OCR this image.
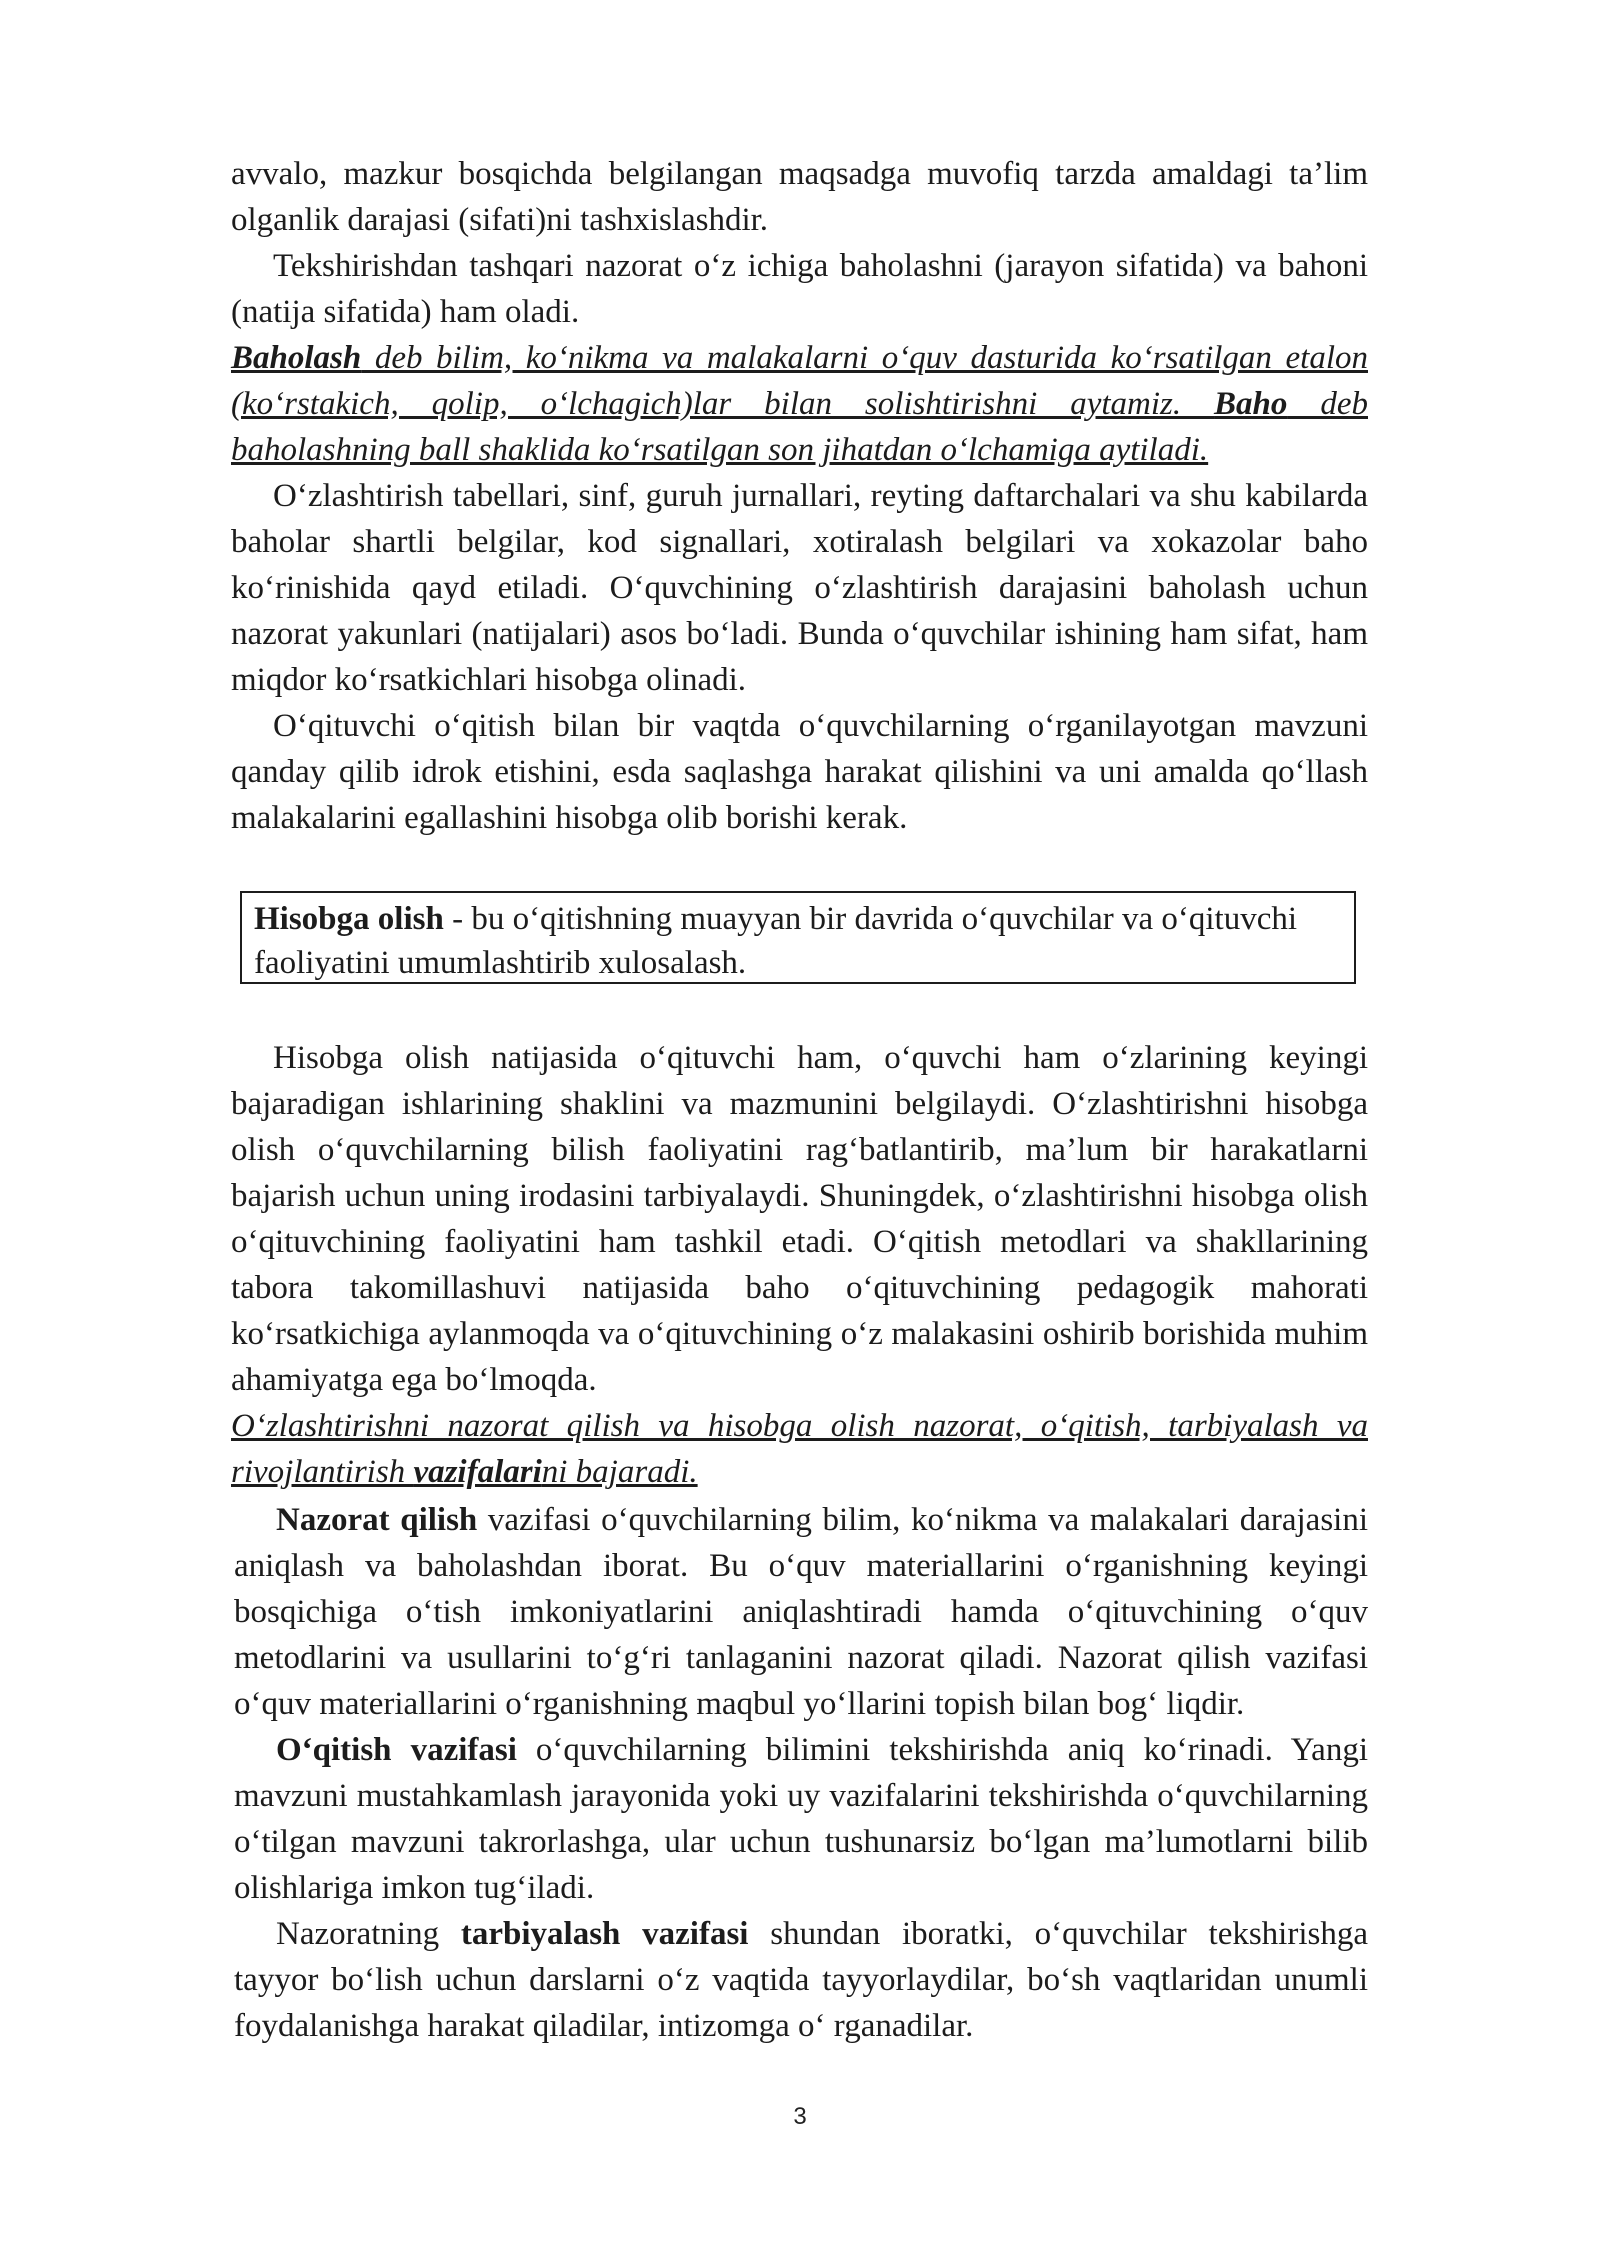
avvalo, mazkur bosqichda belgilangan maqsadga muvofiq tarzda amaldagi ta’lim olganlik darajasi (sifati)ni tashxislashdir.

Tekshirishdan tashqari nazorat o‘z ichiga baholashni (jarayon sifatida) va bahoni (natija sifatida) ham oladi.

Baholash deb bilim, ko‘nikma va malakalarni o‘quv dasturida ko‘rsatilgan etalon (ko‘rstakich, qolip, o‘lchagich)lar bilan solishtirishni aytamiz. Baho deb baholashning ball shaklida ko‘rsatilgan son jihatdan o‘lchamiga aytiladi.

O‘zlashtirish tabellari, sinf, guruh jurnallari, reyting daftarchalari va shu kabilarda baholar shartli belgilar, kod signallari, xotiralash belgilari va xokazolar baho ko‘rinishida qayd etiladi. O‘quvchining o‘zlashtirish darajasini baholash uchun nazorat yakunlari (natijalari) asos bo‘ladi. Bunda o‘quvchilar ishining ham sifat, ham miqdor ko‘rsatkichlari hisobga olinadi.

O‘qituvchi o‘qitish bilan bir vaqtda o‘quvchilarning o‘rganilayotgan mavzuni qanday qilib idrok etishini, esda saqlashga harakat qilishini va uni amalda qo‘llash malakalarini egallashini hisobga olib borishi kerak.

Hisobga olish - bu o‘qitishning muayyan bir davrida o‘quvchilar va o‘qituvchi faoliyatini umumlashtirib xulosalash.

Hisobga olish natijasida o‘qituvchi ham, o‘quvchi ham o‘zlarining keyingi bajaradigan ishlarining shaklini va mazmunini belgilaydi. O‘zlashtirishni hisobga olish o‘quvchilarning bilish faoliyatini rag‘batlantirib, ma’lum bir harakatlarni bajarish uchun uning irodasini tarbiyalaydi. Shuningdek, o‘zlashtirishni hisobga olish o‘qituvchining faoliyatini ham tashkil etadi. O‘qitish metodlari va shakllarining tabora takomillashuvi natijasida baho o‘qituvchining pedagogik mahorati ko‘rsatkichiga aylanmoqda va o‘qituvchining o‘z malakasini oshirib borishida muhim ahamiyatga ega bo‘lmoqda.

O‘zlashtirishni nazorat qilish va hisobga olish nazorat, o‘qitish, tarbiyalash va rivojlantirish vazifalarini bajaradi.

Nazorat qilish vazifasi o‘quvchilarning bilim, ko‘nikma va malakalari darajasini aniqlash va baholashdan iborat. Bu o‘quv materiallarini o‘rganishning keyingi bosqichiga o‘tish imkoniyatlarini aniqlashtiradi hamda o‘qituvchining o‘quv metodlarini va usullarini to‘g‘ri tanlaganini nazorat qiladi. Nazorat qilish vazifasi o‘quv materiallarini o‘rganishning maqbul yo‘llarini topish bilan bog‘ liqdir.

O‘qitish vazifasi o‘quvchilarning bilimini tekshirishda aniq ko‘rinadi. Yangi mavzuni mustahkamlash jarayonida yoki uy vazifalarini tekshirishda o‘quvchilarning o‘tilgan mavzuni takrorlashga, ular uchun tushunarsiz bo‘lgan ma’lumotlarni bilib olishlariga imkon tug‘iladi.

Nazoratning tarbiyalash vazifasi shundan iboratki, o‘quvchilar tekshirishga tayyor bo‘lish uchun darslarni o‘z vaqtida tayyorlaydilar, bo‘sh vaqtlaridan unumli foydalanishga harakat qiladilar, intizomga o‘ rganadilar.

3
